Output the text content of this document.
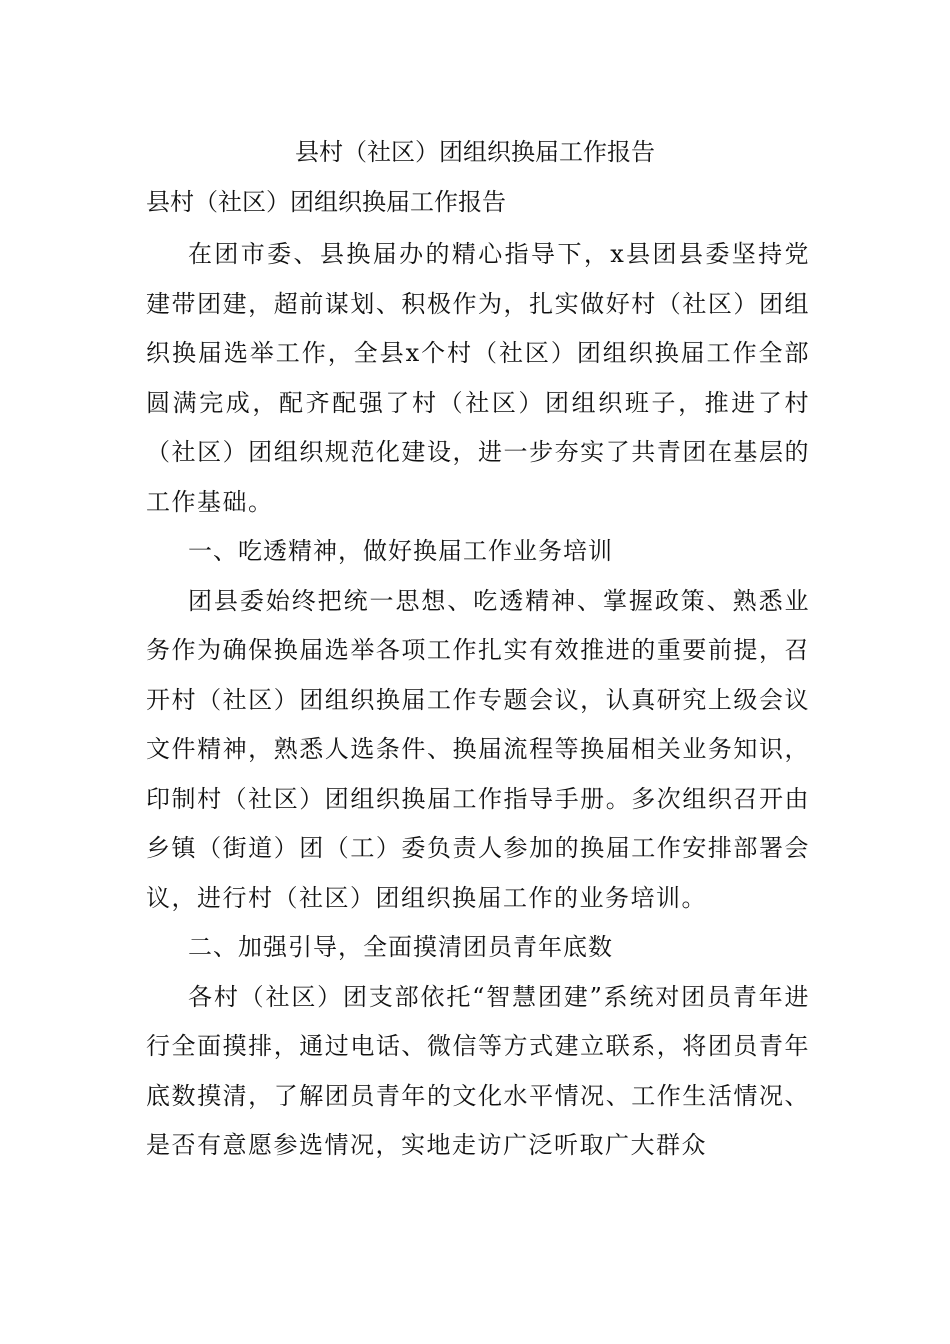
县村（社区）团组织换届工作报告
县村（社区）团组织换届工作报告

在团市委、县换届办的精心指导下，x县团县委坚持党建带团建，超前谋划、积极作为，扎实做好村（社区）团组织换届选举工作，全县x个村（社区）团组织换届工作全部圆满完成，配齐配强了村（社区）团组织班子，推进了村（社区）团组织规范化建设，进一步夯实了共青团在基层的工作基础。

一、吃透精神，做好换届工作业务培训

团县委始终把统一思想、吃透精神、掌握政策、熟悉业务作为确保换届选举各项工作扎实有效推进的重要前提，召开村（社区）团组织换届工作专题会议，认真研究上级会议文件精神，熟悉人选条件、换届流程等换届相关业务知识，印制村（社区）团组织换届工作指导手册。多次组织召开由乡镇（街道）团（工）委负责人参加的换届工作安排部署会议，进行村（社区）团组织换届工作的业务培训。

二、加强引导，全面摸清团员青年底数

各村（社区）团支部依托“智慧团建”系统对团员青年进行全面摸排，通过电话、微信等方式建立联系，将团员青年底数摸清，了解团员青年的文化水平情况、工作生活情况、是否有意愿参选情况，实地走访广泛听取广大群众
